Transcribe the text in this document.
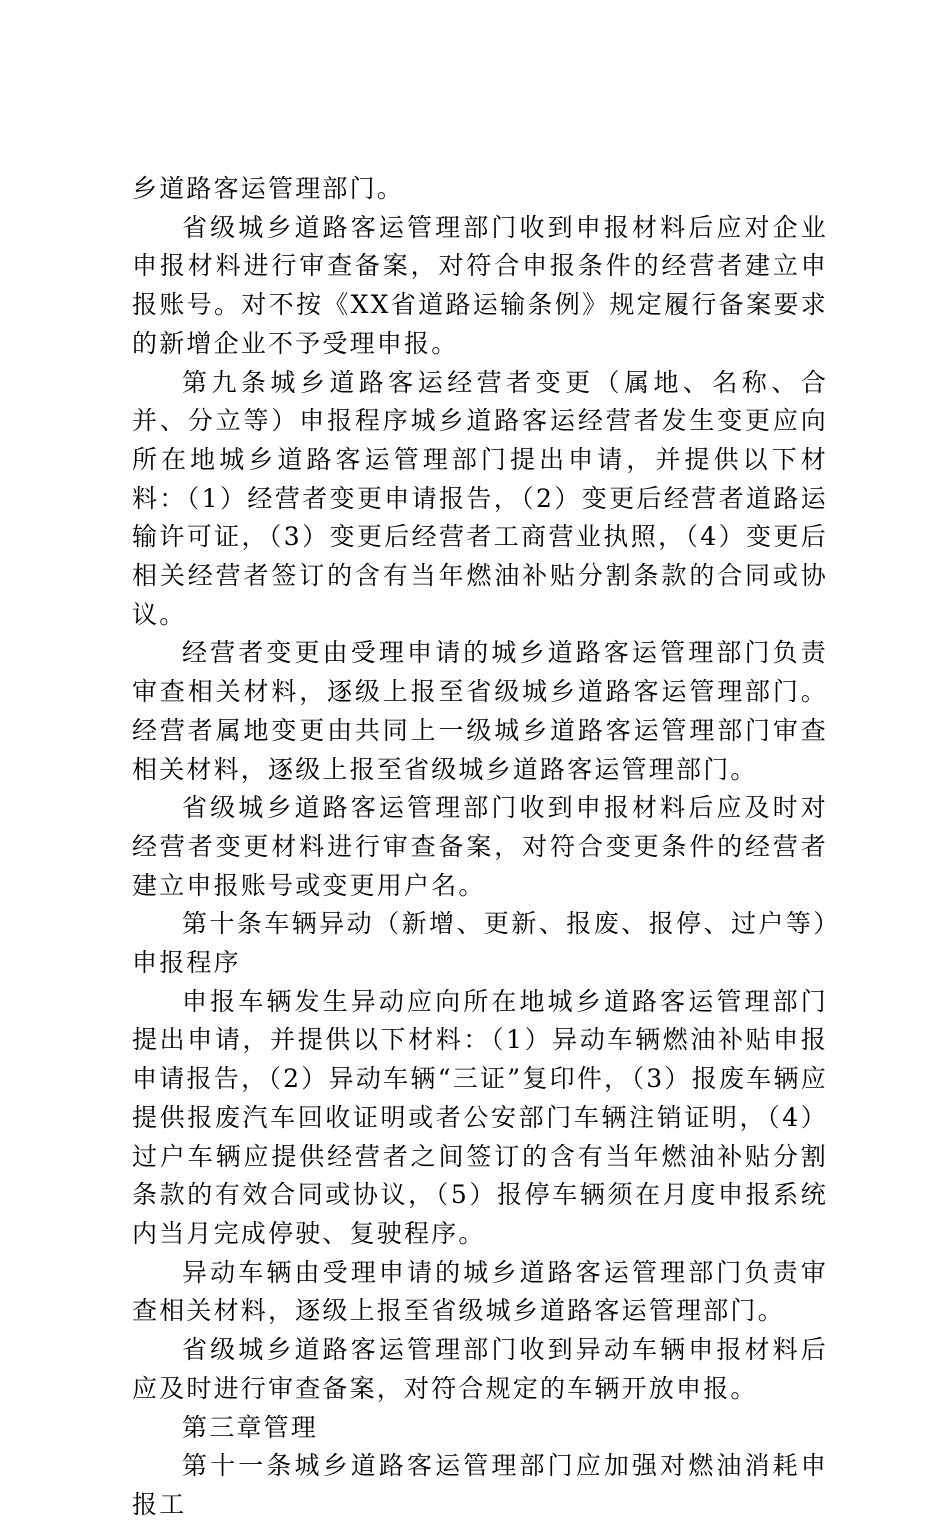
乡道路客运管理部门。

省级城乡道路客运管理部门收到申报材料后应对企业申报材料进行审查备案，对符合申报条件的经营者建立申报账号。对不按《XX省道路运输条例》规定履行备案要求的新增企业不予受理申报。

第九条城乡道路客运经营者变更（属地、名称、合并、分立等）申报程序城乡道路客运经营者发生变更应向所在地城乡道路客运管理部门提出申请，并提供以下材料：（1）经营者变更申请报告，（2）变更后经营者道路运输许可证，（3）变更后经营者工商营业执照，（4）变更后相关经营者签订的含有当年燃油补贴分割条款的合同或协议。

经营者变更由受理申请的城乡道路客运管理部门负责审查相关材料，逐级上报至省级城乡道路客运管理部门。经营者属地变更由共同上一级城乡道路客运管理部门审查相关材料，逐级上报至省级城乡道路客运管理部门。

省级城乡道路客运管理部门收到申报材料后应及时对经营者变更材料进行审查备案，对符合变更条件的经营者建立申报账号或变更用户名。

第十条车辆异动（新增、更新、报废、报停、过户等）申报程序

申报车辆发生异动应向所在地城乡道路客运管理部门提出申请，并提供以下材料：（1）异动车辆燃油补贴申报申请报告，（2）异动车辆“三证”复印件，（3）报废车辆应提供报废汽车回收证明或者公安部门车辆注销证明，（4）过户车辆应提供经营者之间签订的含有当年燃油补贴分割条款的有效合同或协议，（5）报停车辆须在月度申报系统内当月完成停驶、复驶程序。

异动车辆由受理申请的城乡道路客运管理部门负责审查相关材料，逐级上报至省级城乡道路客运管理部门。

省级城乡道路客运管理部门收到异动车辆申报材料后应及时进行审查备案，对符合规定的车辆开放申报。

第三章管理

第十一条城乡道路客运管理部门应加强对燃油消耗申报工
